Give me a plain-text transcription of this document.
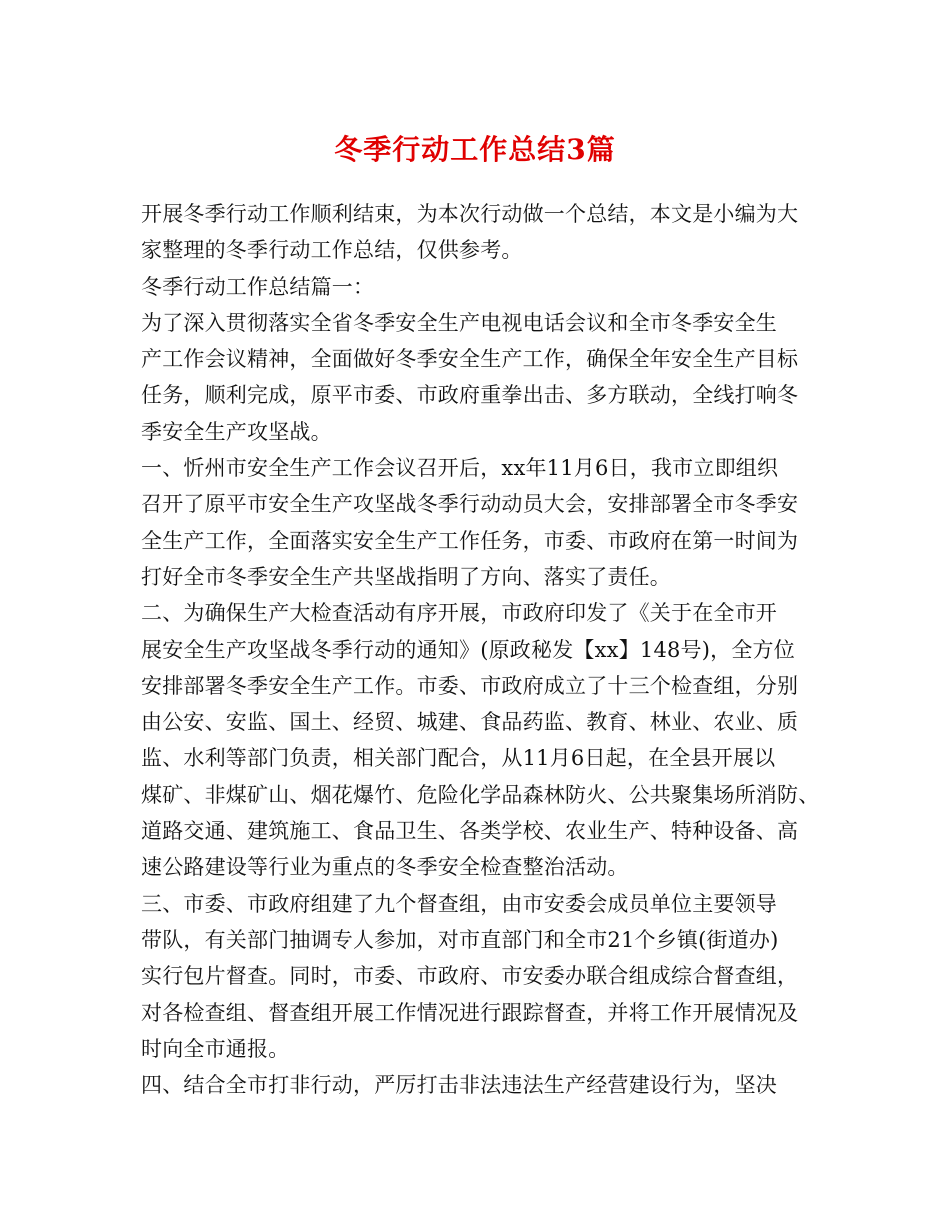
冬季行动工作总结3篇
开展冬季行动工作顺利结束，为本次行动做一个总结，本文是小编为大
家整理的冬季行动工作总结，仅供参考。
冬季行动工作总结篇一：
为了深入贯彻落实全省冬季安全生产电视电话会议和全市冬季安全生
产工作会议精神，全面做好冬季安全生产工作，确保全年安全生产目标
任务，顺利完成，原平市委、市政府重拳出击、多方联动，全线打响冬
季安全生产攻坚战。
一、忻州市安全生产工作会议召开后，xx年11月6日，我市立即组织
召开了原平市安全生产攻坚战冬季行动动员大会，安排部署全市冬季安
全生产工作，全面落实安全生产工作任务，市委、市政府在第一时间为
打好全市冬季安全生产共坚战指明了方向、落实了责任。
二、为确保生产大检查活动有序开展，市政府印发了《关于在全市开
展安全生产攻坚战冬季行动的通知》(原政秘发【xx】148号)，全方位
安排部署冬季安全生产工作。市委、市政府成立了十三个检查组，分别
由公安、安监、国土、经贸、城建、食品药监、教育、林业、农业、质
监、水利等部门负责，相关部门配合，从11月6日起，在全县开展以
煤矿、非煤矿山、烟花爆竹、危险化学品森林防火、公共聚集场所消防、
道路交通、建筑施工、食品卫生、各类学校、农业生产、特种设备、高
速公路建设等行业为重点的冬季安全检查整治活动。
三、市委、市政府组建了九个督查组，由市安委会成员单位主要领导
带队，有关部门抽调专人参加，对市直部门和全市21个乡镇(街道办)
实行包片督查。同时，市委、市政府、市安委办联合组成综合督查组，
对各检查组、督查组开展工作情况进行跟踪督查，并将工作开展情况及
时向全市通报。
四、结合全市打非行动，严厉打击非法违法生产经营建设行为，坚决
